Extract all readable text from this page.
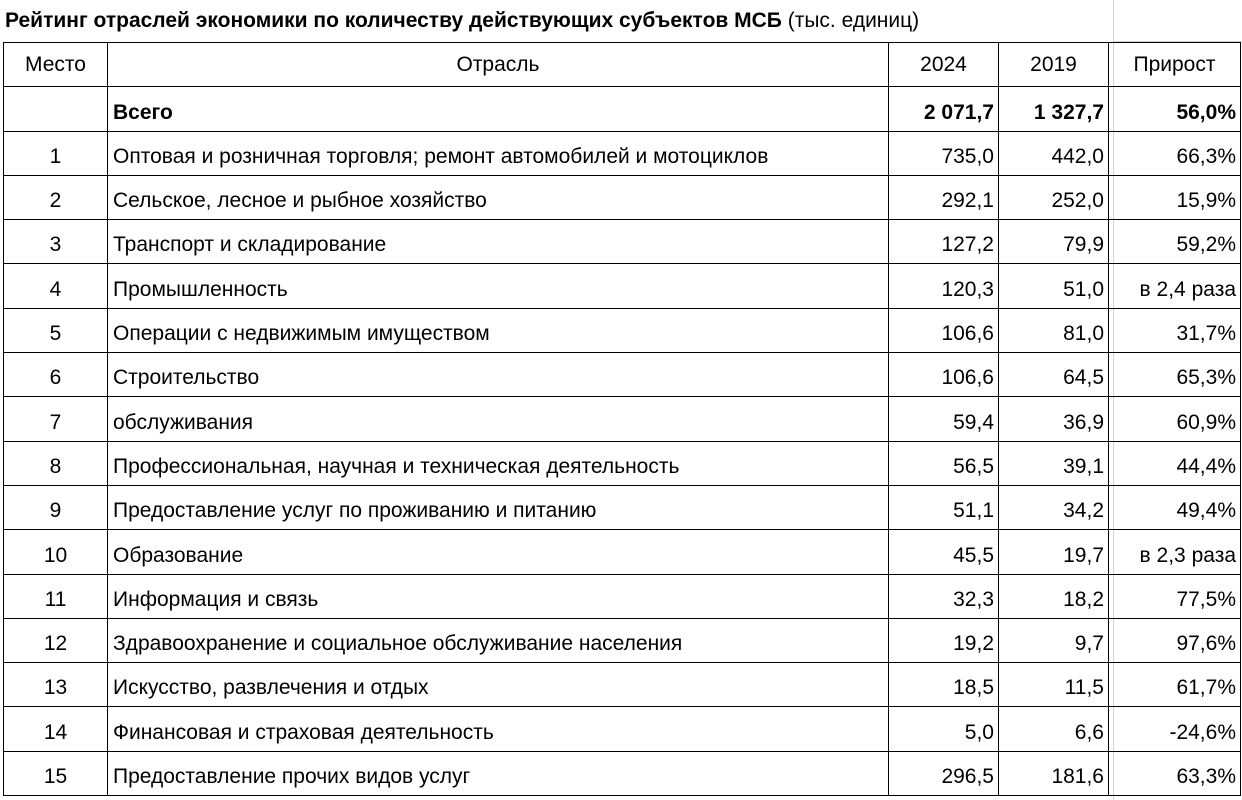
Рейтинг отраслей экономики по количеству действующих субъектов МСБ (тыс. единиц)
Место	Отрасль	2024	2019	Прирост
	Всего	2 071,7	1 327,7	56,0%
1	Оптовая и розничная торговля; ремонт автомобилей и мотоциклов	735,0	442,0	66,3%
2	Сельское, лесное и рыбное хозяйство	292,1	252,0	15,9%
3	Транспорт и складирование	127,2	79,9	59,2%
4	Промышленность	120,3	51,0	в 2,4 раза
5	Операции с недвижимым имуществом	106,6	81,0	31,7%
6	Строительство	106,6	64,5	65,3%
7	обслуживания	59,4	36,9	60,9%
8	Профессиональная, научная и техническая деятельность	56,5	39,1	44,4%
9	Предоставление услуг по проживанию и питанию	51,1	34,2	49,4%
10	Образование	45,5	19,7	в 2,3 раза
11	Информация и связь	32,3	18,2	77,5%
12	Здравоохранение и социальное обслуживание населения	19,2	9,7	97,6%
13	Искусство, развлечения и отдых	18,5	11,5	61,7%
14	Финансовая и страховая деятельность	5,0	6,6	-24,6%
15	Предоставление прочих видов услуг	296,5	181,6	63,3%
